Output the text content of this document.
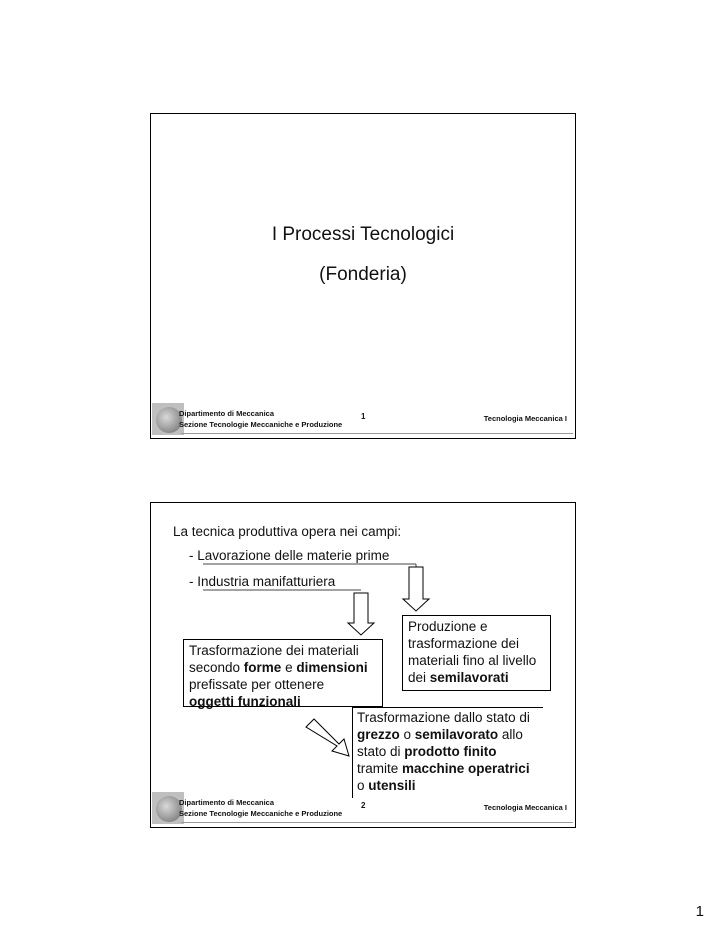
I Processi Tecnologici
(Fonderia)
Dipartimento di Meccanica
Sezione Tecnologie Meccaniche e Produzione
1	Tecnologia Meccanica I
La tecnica produttiva opera nei campi:
- Lavorazione delle materie prime
- Industria manifatturiera
Produzione e
trasformazione dei
materiali fino al livello
dei semilavorati
Trasformazione dei materiali
secondo forme e dimensioni
prefissate per ottenere
oggetti funzionali
Trasformazione dallo stato di
grezzo o semilavorato allo
stato di prodotto finito
tramite macchine operatrici
o utensili
Dipartimento di Meccanica
Sezione Tecnologie Meccaniche e Produzione
2	Tecnologia Meccanica I
1
